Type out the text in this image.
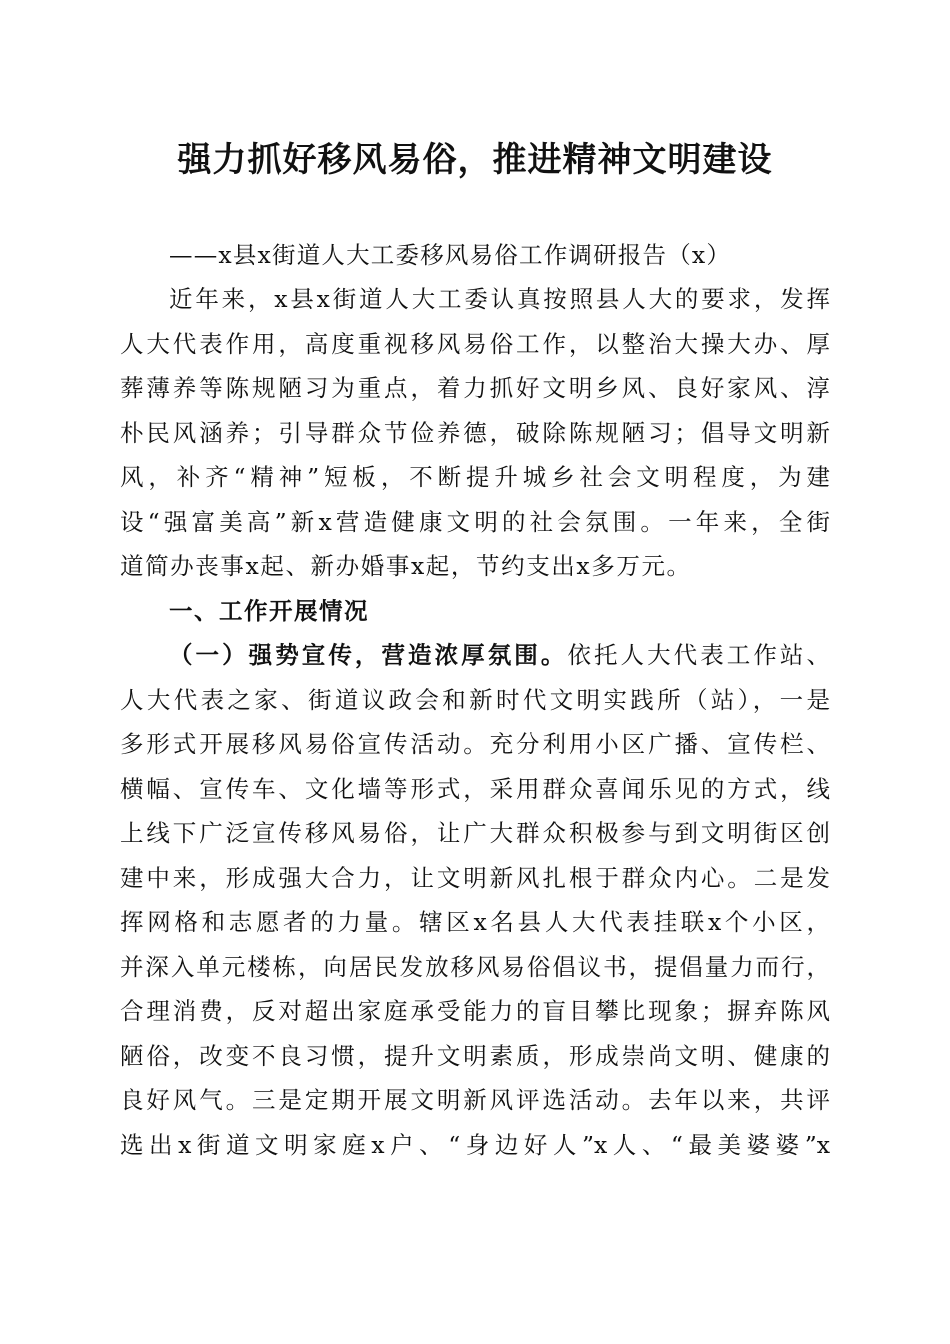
强力抓好移风易俗，推进精神文明建设
——x县x街道人大工委移风易俗工作调研报告（x）
近年来，x县x街道人大工委认真按照县人大的要求，发挥
人大代表作用，高度重视移风易俗工作，以整治大操大办、厚
葬薄养等陈规陋习为重点，着力抓好文明乡风、良好家风、淳
朴民风涵养；引导群众节俭养德，破除陈规陋习；倡导文明新
风，补齐“精神”短板，不断提升城乡社会文明程度，为建
设“强富美高”新x营造健康文明的社会氛围。一年来，全街
道简办丧事x起、新办婚事x起，节约支出x多万元。
一、工作开展情况
（一）强势宣传，营造浓厚氛围。依托人大代表工作站、
人大代表之家、街道议政会和新时代文明实践所（站），一是
多形式开展移风易俗宣传活动。充分利用小区广播、宣传栏、
横幅、宣传车、文化墙等形式，采用群众喜闻乐见的方式，线
上线下广泛宣传移风易俗，让广大群众积极参与到文明街区创
建中来，形成强大合力，让文明新风扎根于群众内心。二是发
挥网格和志愿者的力量。辖区x名县人大代表挂联x个小区，
并深入单元楼栋，向居民发放移风易俗倡议书，提倡量力而行，
合理消费，反对超出家庭承受能力的盲目攀比现象；摒弃陈风
陋俗，改变不良习惯，提升文明素质，形成崇尚文明、健康的
良好风气。三是定期开展文明新风评选活动。去年以来，共评
选出x街道文明家庭x户、“身边好人”x人、“最美婆婆”x
